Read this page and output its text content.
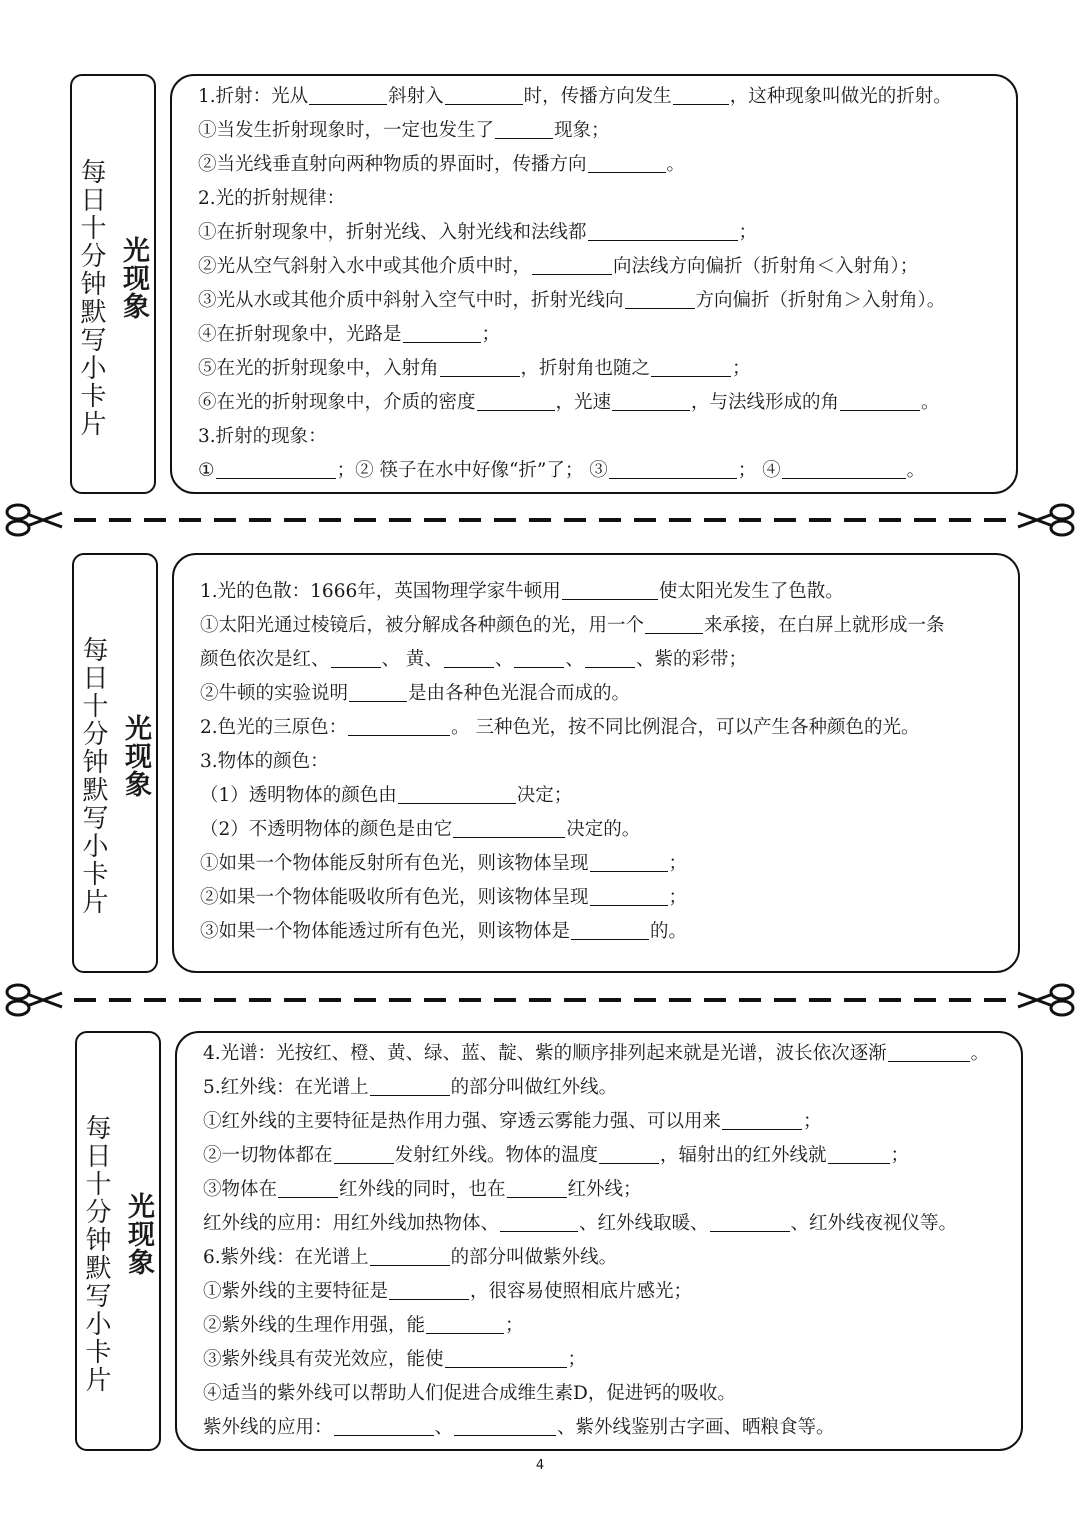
每日十分钟默写小卡片 光现象
1.折射：光从	斜射入	时，传播方向发生	，这种现象叫做光的折射。
①当发生折射现象时，一定也发生了	现象；
②当光线垂直射向两种物质的界面时，传播方向	。
2.光的折射规律：
①在折射现象中，折射光线、入射光线和法线都	；
②光从空气斜射入水中或其他介质中时，	向法线方向偏折（折射角＜入射角）；
③光从水或其他介质中斜射入空气中时，折射光线向	方向偏折（折射角＞入射角）。
④在折射现象中，光路是	；
⑤在光的折射现象中，入射角	，折射角也随之	；
⑥在光的折射现象中，介质的密度	，光速	，与法线形成的角	。
3.折射的现象：
①	；② 筷子在水中好像“折”了； ③	； ④	。
每日十分钟默写小卡片 光现象
1.光的色散：1666年，英国物理学家牛顿用	使太阳光发生了色散。
①太阳光通过棱镜后，被分解成各种颜色的光，用一个	来承接，在白屏上就形成一条
颜色依次是红、	、 黄、	、	、	、紫的彩带；
②牛顿的实验说明	是由各种色光混合而成的。
2.色光的三原色：	。 三种色光，按不同比例混合，可以产生各种颜色的光。
3.物体的颜色：
（1）透明物体的颜色由	决定；
（2）不透明物体的颜色是由它	决定的。
①如果一个物体能反射所有色光，则该物体呈现	；
②如果一个物体能吸收所有色光，则该物体呈现	；
③如果一个物体能透过所有色光，则该物体是	的。
每日十分钟默写小卡片 光现象
4.光谱：光按红、橙、黄、绿、蓝、靛、紫的顺序排列起来就是光谱，波长依次逐渐	。
5.红外线：在光谱上	的部分叫做红外线。
①红外线的主要特征是热作用力强、穿透云雾能力强、可以用来	；
②一切物体都在	发射红外线。物体的温度	，辐射出的红外线就	；
③物体在	红外线的同时，也在	红外线；
红外线的应用：用红外线加热物体、	、红外线取暖、	、红外线夜视仪等。
6.紫外线：在光谱上	的部分叫做紫外线。
①紫外线的主要特征是	，很容易使照相底片感光；
②紫外线的生理作用强，能	；
③紫外线具有荧光效应，能使	；
④适当的紫外线可以帮助人们促进合成维生素D，促进钙的吸收。
紫外线的应用：	、	、紫外线鉴别古字画、晒粮食等。
4
